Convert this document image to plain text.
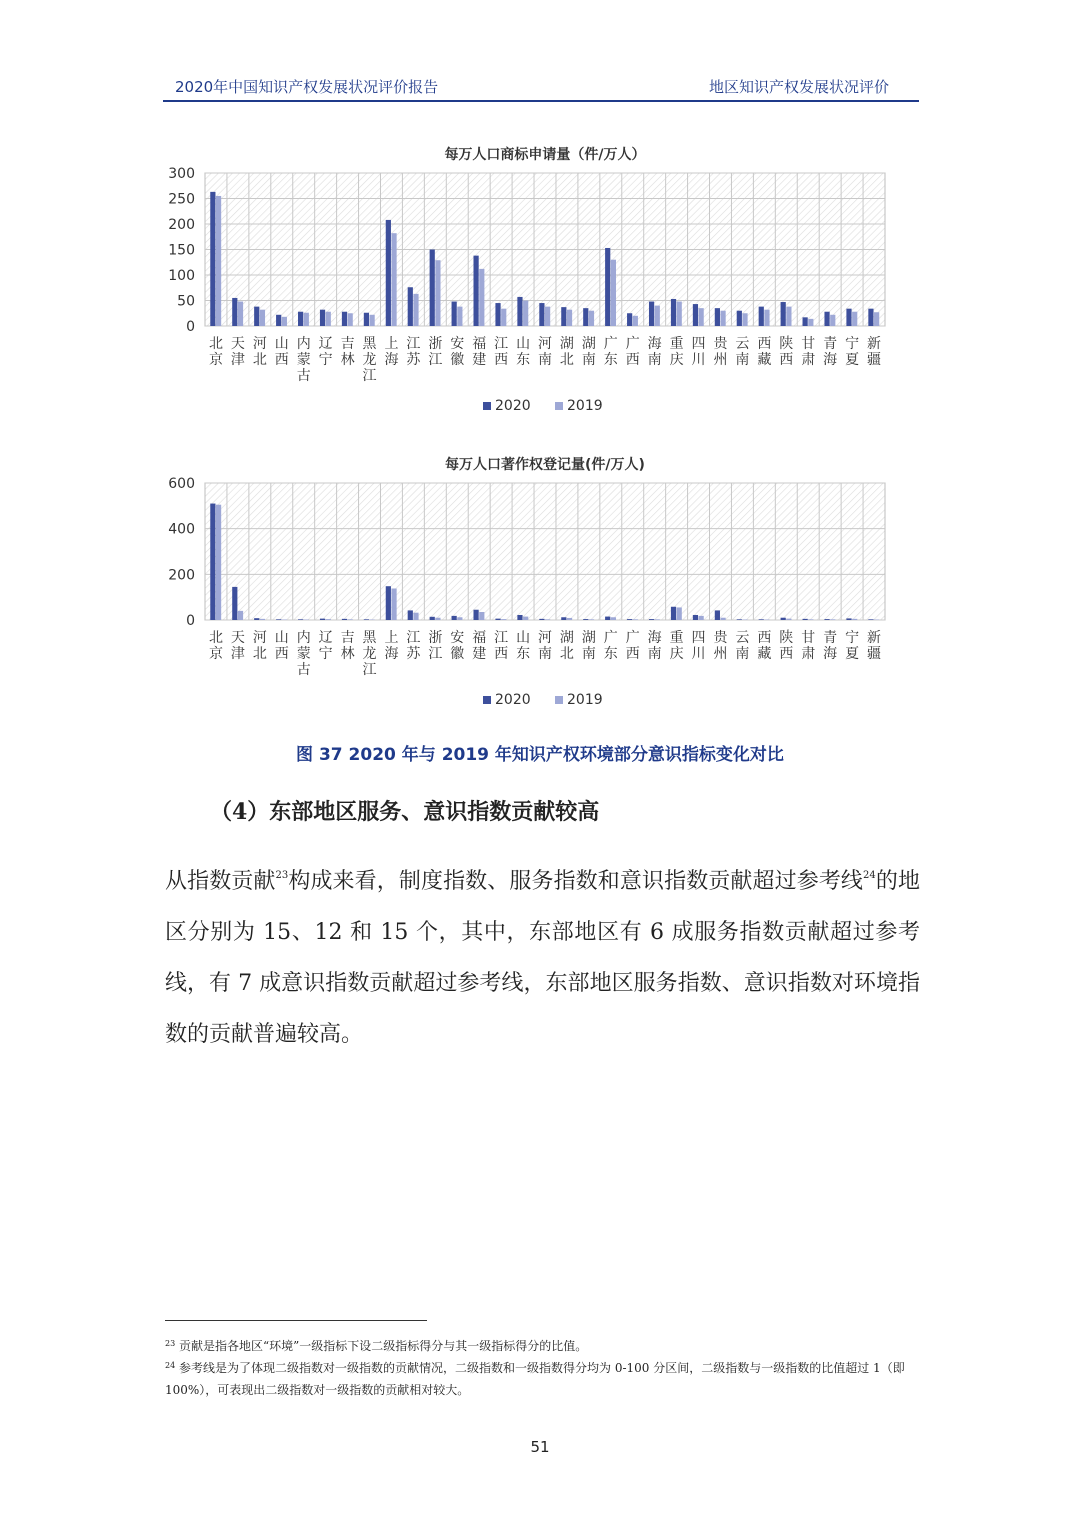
2020年中国知识产权发展状况评价报告	地区知识产权发展状况评价
每万人口商标申请量（件/万人）
300
250
200
150
100
50
0
北京
天津
河北
山西
内蒙古
辽宁
吉林
黑龙江
上海
江苏
浙江
安徽
福建
江西
山东
河南
湖北
湖南
广东
广西
海南
重庆
四川
贵州
云南
西藏
陕西
甘肃
青海
宁夏
新疆
2020	2019
每万人口著作权登记量(件/万人)
600
400
200
0
北京
天津
河北
山西
内蒙古
辽宁
吉林
黑龙江
上海
江苏
浙江
安徽
福建
江西
山东
河南
湖北
湖南
广东
广西
海南
重庆
四川
贵州
云南
西藏
陕西
甘肃
青海
宁夏
新疆
2020	2019
图 37 2020 年与 2019 年知识产权环境部分意识指标变化对比
（4）东部地区服务、意识指数贡献较高
从指数贡献$^{23}$构成来看，制度指数、服务指数和意识指数贡献超过参考线$^{24}$的地区分别为 15、12 和 15 个，其中，东部地区有 6 成服务指数贡献超过参考线，有 7 成意识指数贡献超过参考线，东部地区服务指数、意识指数对环境指数的贡献普遍较高。
$^{23}$ 贡献是指各地区“环境”一级指标下设二级指标得分与其一级指标得分的比值。
$^{24}$ 参考线是为了体现二级指数对一级指数的贡献情况，二级指数和一级指数得分均为 0-100 分区间，二级指数与一级指数的比值超过 1（即 100%），可表现出二级指数对一级指数的贡献相对较大。
51
